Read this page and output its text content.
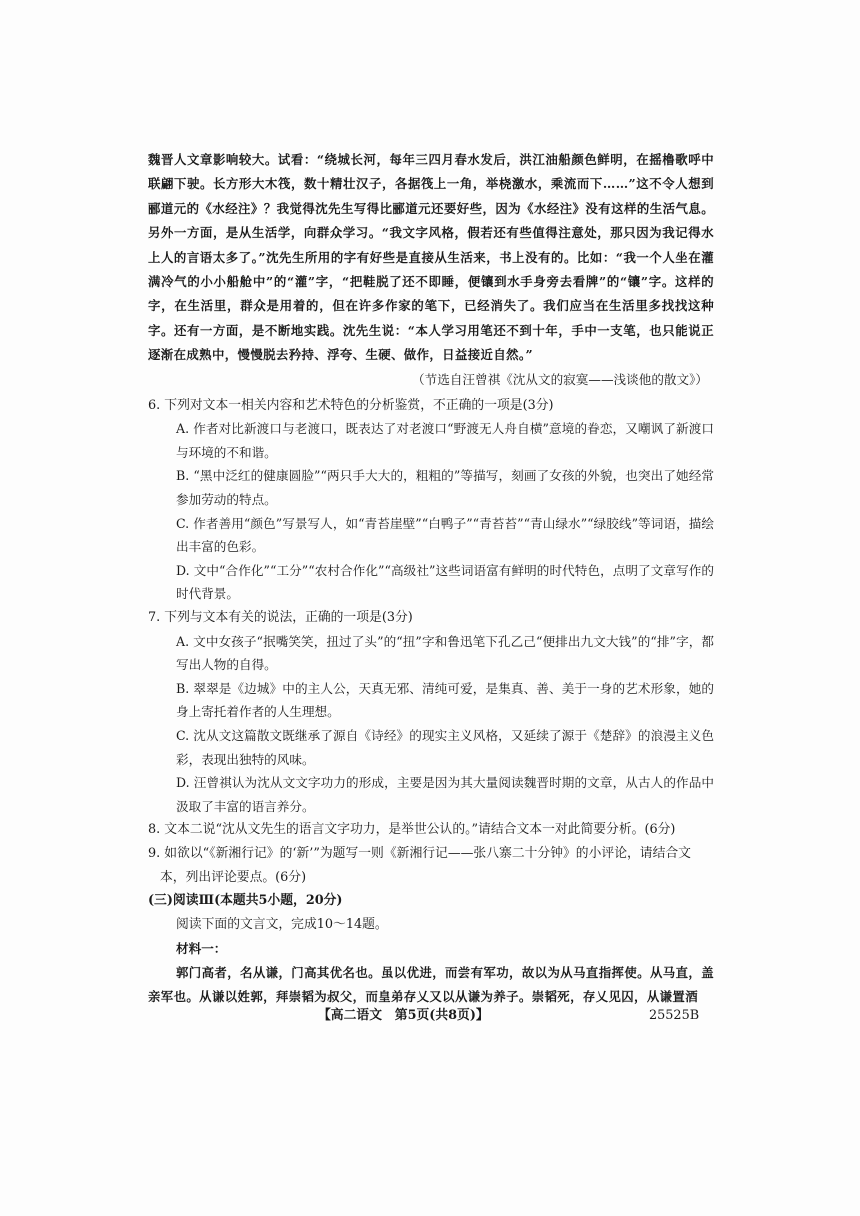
魏晋人文章影响较大。试看：“绕城长河，每年三四月春水发后，洪江油船颜色鲜明，在摇橹歌呼中联翩下驶。长方形大木筏，数十精壮汉子，各据筏上一角，举桡激水，乘流而下……”这不令人想到郦道元的《水经注》？我觉得沈先生写得比郦道元还要好些，因为《水经注》没有这样的生活气息。另外一方面，是从生活学，向群众学习。“我文字风格，假若还有些值得注意处，那只因为我记得水上人的言语太多了。”沈先生所用的字有好些是直接从生活来，书上没有的。比如：“我一个人坐在灌满冷气的小小船舱中”的“灌”字，“把鞋脱了还不即睡，便镶到水手身旁去看牌”的“镶”字。这样的字，在生活里，群众是用着的，但在许多作家的笔下，已经消失了。我们应当在生活里多找找这种字。还有一方面，是不断地实践。沈先生说：“本人学习用笔还不到十年，手中一支笔，也只能说正逐渐在成熟中，慢慢脱去矜持、浮夸、生硬、做作，日益接近自然。”

（节选自汪曾祺《沈从文的寂寞——浅谈他的散文》）

6. 下列对文本一相关内容和艺术特色的分析鉴赏，不正确的一项是(3分)

A. 作者对比新渡口与老渡口，既表达了对老渡口“野渡无人舟自横”意境的眷恋，又嘲讽了新渡口与环境的不和谐。

B. “黑中泛红的健康圆脸”“两只手大大的，粗粗的”等描写，刻画了女孩的外貌，也突出了她经常参加劳动的特点。

C. 作者善用“颜色”写景写人，如“青苔崖壁”“白鸭子”“青苔苔”“青山绿水”“绿胶线”等词语，描绘出丰富的色彩。

D. 文中“合作化”“工分”“农村合作化”“高级社”这些词语富有鲜明的时代特色，点明了文章写作的时代背景。

7. 下列与文本有关的说法，正确的一项是(3分)

A. 文中女孩子“抿嘴笑笑，扭过了头”的“扭”字和鲁迅笔下孔乙己“便排出九文大钱”的“排”字，都写出人物的自得。

B. 翠翠是《边城》中的主人公，天真无邪、清纯可爱，是集真、善、美于一身的艺术形象，她的身上寄托着作者的人生理想。

C. 沈从文这篇散文既继承了源自《诗经》的现实主义风格，又延续了源于《楚辞》的浪漫主义色彩，表现出独特的风味。

D. 汪曾祺认为沈从文文字功力的形成，主要是因为其大量阅读魏晋时期的文章，从古人的作品中汲取了丰富的语言养分。

8. 文本二说“沈从文先生的语言文字功力，是举世公认的。”请结合文本一对此简要分析。(6分)

9. 如欲以“《新湘行记》的‘新’”为题写一则《新湘行记——张八寨二十分钟》的小评论，请结合文
本，列出评论要点。(6分)

(三)阅读Ⅲ(本题共5小题，20分)

阅读下面的文言文，完成10～14题。

材料一：

郭门高者，名从谦，门高其优名也。虽以优进，而尝有军功，故以为从马直指挥使。从马直，盖亲军也。从谦以姓郭，拜崇韬为叔父，而皇弟存乂又以从谦为养子。崇韬死，存乂见囚，从谦置酒

【高二语文　第5页(共8页)】	25525B
